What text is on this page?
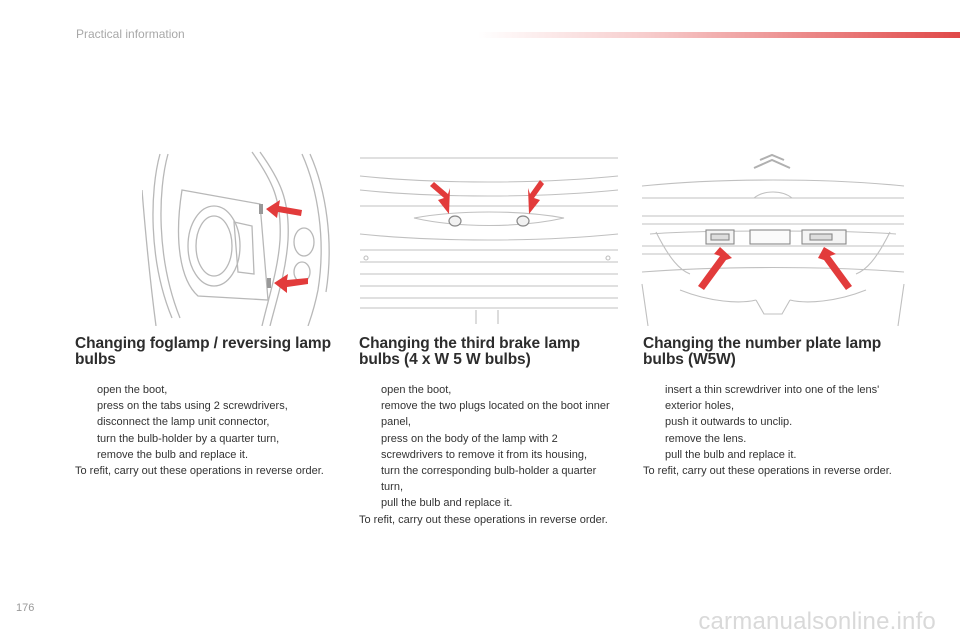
Practical information
Changing foglamp / reversing lamp bulbs
open the boot,
press on the tabs using 2 screwdrivers,
disconnect the lamp unit connector,
turn the bulb-holder by a quarter turn,
remove the bulb and replace it.

To refit, carry out these operations in reverse order.

Changing the third brake lamp bulbs (4 x W 5 W bulbs)
open the boot,
remove the two plugs located on the boot inner panel,
press on the body of the lamp with 2 screwdrivers to remove it from its housing,
turn the corresponding bulb-holder a quarter turn,
pull the bulb and replace it.

To refit, carry out these operations in reverse order.

Changing the number plate lamp bulbs (W5W)
insert a thin screwdriver into one of the lens' exterior holes,
push it outwards to unclip.
remove the lens.
pull the bulb and replace it.

To refit, carry out these operations in reverse order.

176	carmanualsonline.info
